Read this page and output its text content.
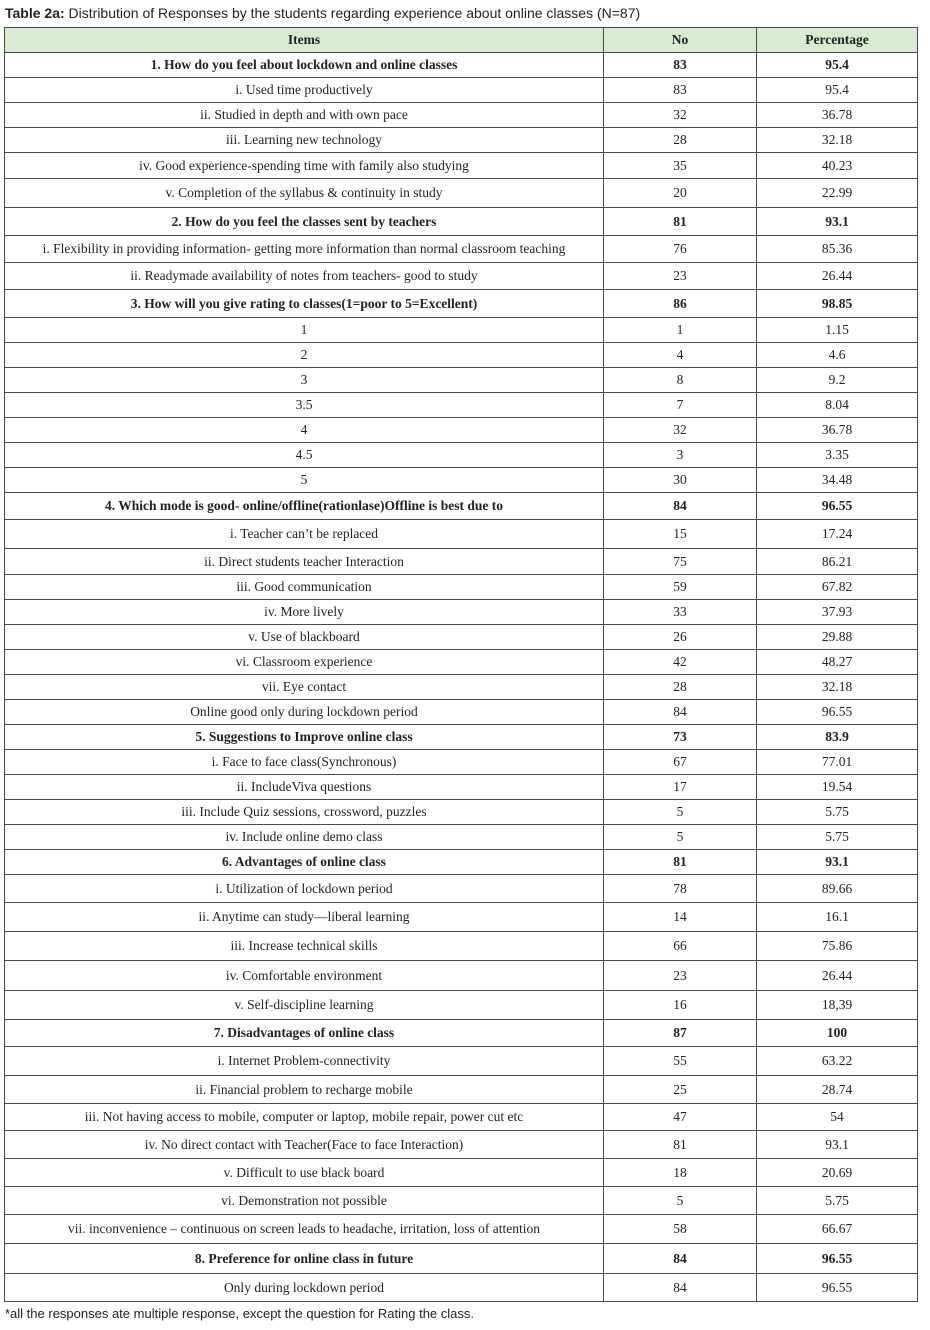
Table 2a: Distribution of Responses by the students regarding experience about online classes (N=87)
Items	No	Percentage
1. How do you feel about lockdown and online classes	83	95.4
i. Used time productively	83	95.4
ii. Studied in depth and with own pace	32	36.78
iii. Learning new technology	28	32.18
iv. Good experience-spending time with family also studying	35	40.23
v. Completion of the syllabus & continuity in study	20	22.99
2. How do you feel the classes sent by teachers	81	93.1
i. Flexibility in providing information- getting more information than normal classroom teaching	76	85.36
ii. Readymade availability of notes from teachers- good to study	23	26.44
3. How will you give rating to classes(1=poor to 5=Excellent)	86	98.85
1	1	1.15
2	4	4.6
3	8	9.2
3.5	7	8.04
4	32	36.78
4.5	3	3.35
5	30	34.48
4. Which mode is good- online/offline(rationlase)Offline is best due to	84	96.55
i. Teacher can’t be replaced	15	17.24
ii. Direct students teacher Interaction	75	86.21
iii. Good communication	59	67.82
iv. More lively	33	37.93
v. Use of blackboard	26	29.88
vi. Classroom experience	42	48.27
vii. Eye contact	28	32.18
Online good only during lockdown period	84	96.55
5. Suggestions to Improve online class	73	83.9
i. Face to face class(Synchronous)	67	77.01
ii. IncludeViva questions	17	19.54
iii. Include Quiz sessions, crossword, puzzles	5	5.75
iv. Include online demo class	5	5.75
6. Advantages of online class	81	93.1
i. Utilization of lockdown period	78	89.66
ii. Anytime can study—liberal learning	14	16.1
iii. Increase technical skills	66	75.86
iv. Comfortable environment	23	26.44
v. Self-discipline learning	16	18,39
7. Disadvantages of online class	87	100
i. Internet Problem-connectivity	55	63.22
ii. Financial problem to recharge mobile	25	28.74
iii. Not having access to mobile, computer or laptop, mobile repair, power cut etc	47	54
iv. No direct contact with Teacher(Face to face Interaction)	81	93.1
v. Difficult to use black board	18	20.69
vi. Demonstration not possible	5	5.75
vii. inconvenience – continuous on screen leads to headache, irritation, loss of attention	58	66.67
8. Preference for online class in future	84	96.55
Only during lockdown period	84	96.55
*all the responses ate multiple response, except the question for Rating the class.
